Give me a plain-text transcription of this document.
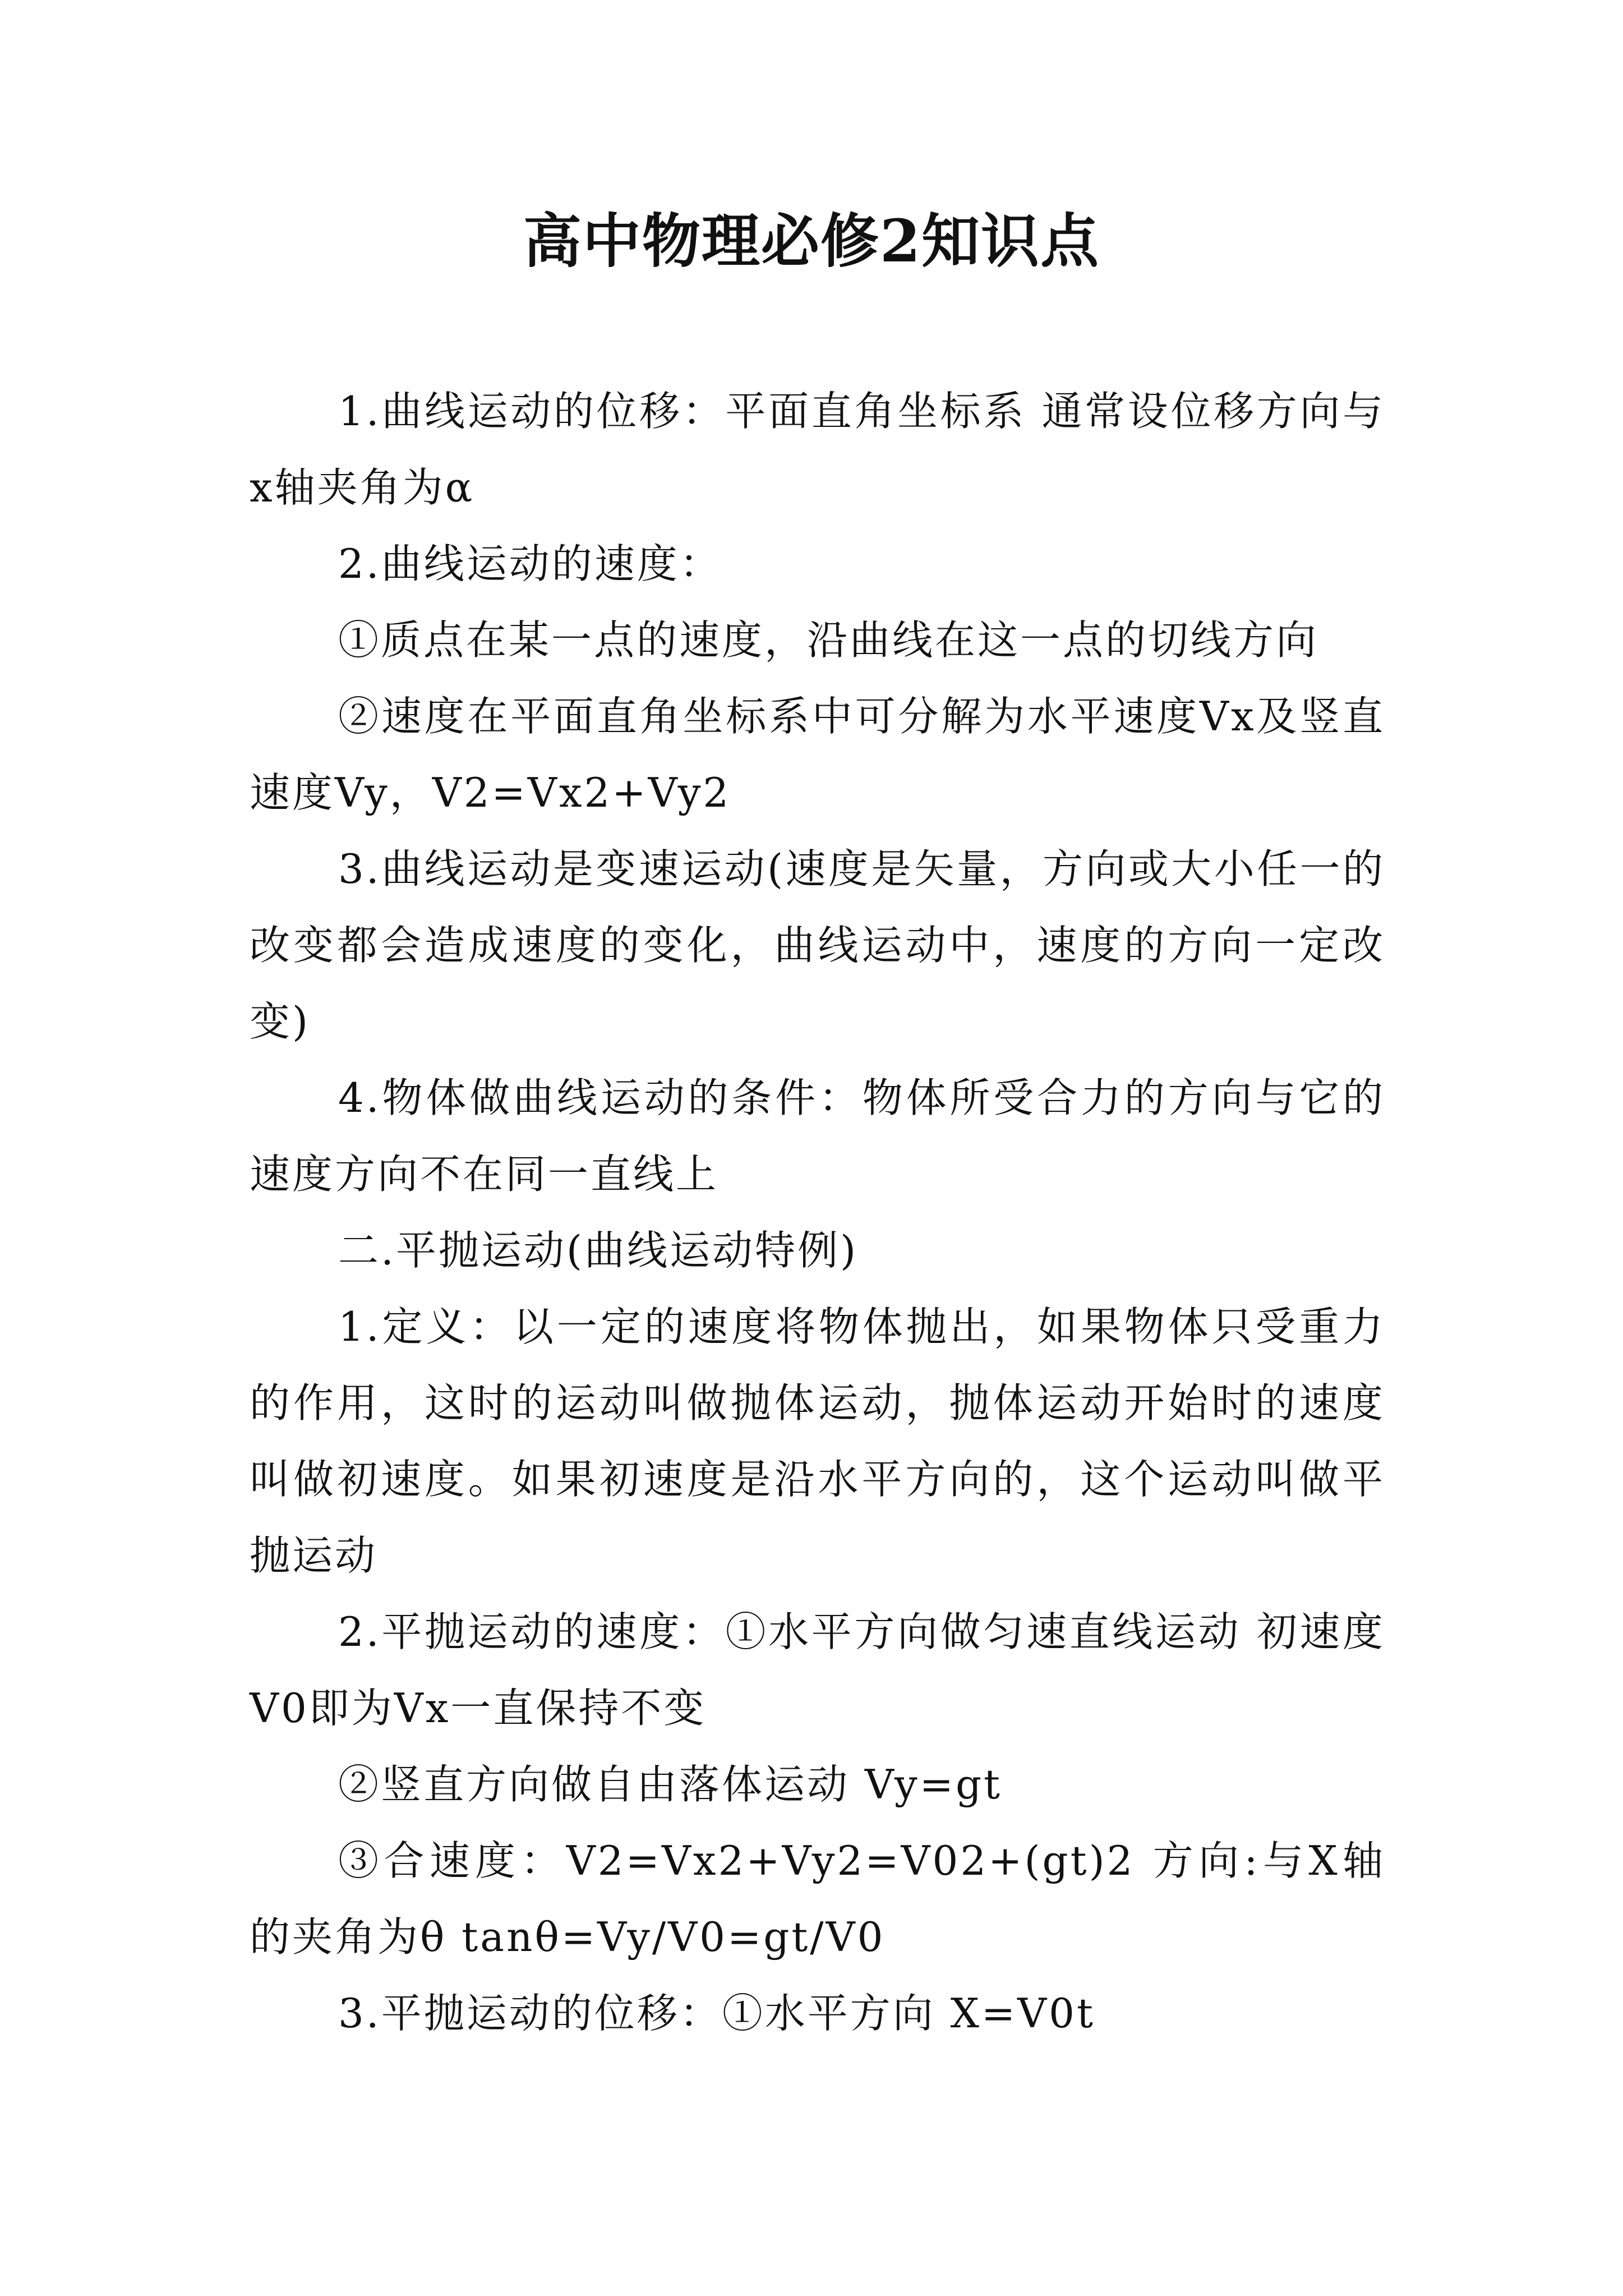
高中物理必修2知识点

1.曲线运动的位移：平面直角坐标系 通常设位移方向与x轴夹角为α

2.曲线运动的速度：

①质点在某一点的速度，沿曲线在这一点的切线方向

②速度在平面直角坐标系中可分解为水平速度Vx及竖直速度Vy，V2=Vx2+Vy2

3.曲线运动是变速运动(速度是矢量，方向或大小任一的改变都会造成速度的变化，曲线运动中，速度的方向一定改变)

4.物体做曲线运动的条件：物体所受合力的方向与它的速度方向不在同一直线上

二.平抛运动(曲线运动特例)

1.定义：以一定的速度将物体抛出，如果物体只受重力的作用，这时的运动叫做抛体运动，抛体运动开始时的速度叫做初速度。如果初速度是沿水平方向的，这个运动叫做平抛运动

2.平抛运动的速度：①水平方向做匀速直线运动 初速度V0即为Vx一直保持不变

②竖直方向做自由落体运动 Vy=gt

③合速度：V2=Vx2+Vy2=V02+(gt)2 方向:与X轴的夹角为θ tanθ=Vy/V0=gt/V0

3.平抛运动的位移：①水平方向 X=V0t
